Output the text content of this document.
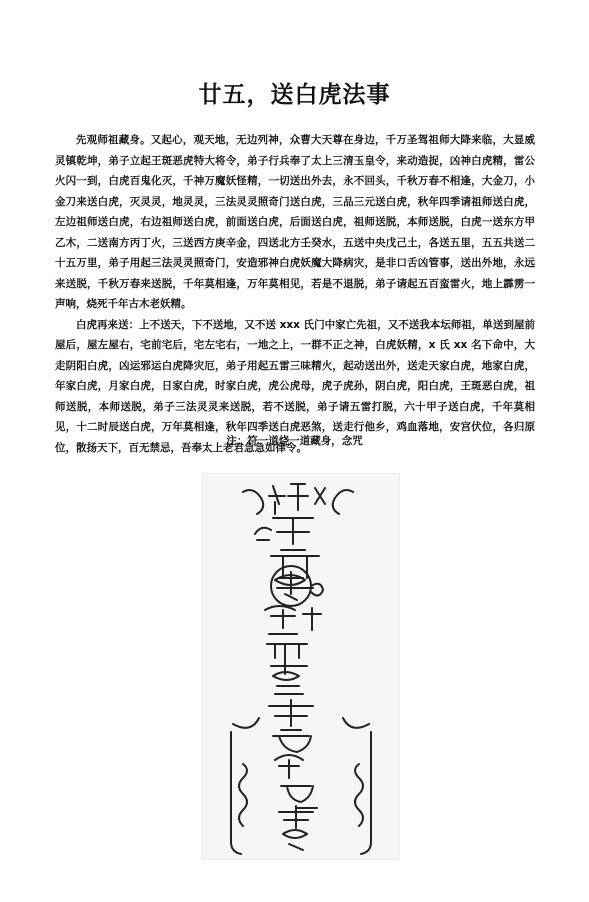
廿五，送白虎法事

先观师祖藏身。又起心，观天地，无边列神，众曹大天尊在身边，千万圣驾祖师大降来临，大显威灵镇乾坤，弟子立起王斑恶虎特大将令，弟子行兵奉了太上三清玉皇令，来动造捉，凶神白虎精，雷公火闪一到，白虎百鬼化灭，千神万魔妖怪精，一切送出外去，永不回头，千秋万春不相逢，大金刀，小金刀来送白虎，灭灵灵，地灵灵，三法灵灵照奇门送白虎，三品三元送白虎，秋年四季请祖师送白虎，左边祖师送白虎，右边祖师送白虎，前面送白虎，后面送白虎，祖师送脱，本师送脱，白虎一送东方甲乙木，二送南方丙丁火，三送西方庚辛金，四送北方壬癸水，五送中央戊己土，各送五里，五五共送二十五万里，弟子用起三法灵灵照奇门，安造邪神白虎妖魔大降病灾，是非口舌凶管事，送出外地，永远来送脱，千秋万春来送脱，千年莫相逢，万年莫相见，若是不退脱，弟子请起五百蛮雷火，地上霹雳一声响，烧死千年古木老妖精。

白虎再来送：上不送天，下不送地，又不送 xxx 氏门中家亡先祖，又不送我本坛师祖，单送到屋前屋后，屋左屋右，宅前宅后，宅左宅右，一地之上，一群不正之神，白虎妖精，x 氏 xx 名下命中，大走阴阳白虎，凶运邪运白虎降灾厄，弟子用起五雷三味精火，起动送出外，送走天家白虎，地家白虎，年家白虎，月家白虎，日家白虎，时家白虎，虎公虎母，虎子虎孙，阴白虎，阳白虎，王斑恶白虎，祖师送脱，本师送脱，弟子三法灵灵来送脱，若不送脱，弟子请五雷打脱，六十甲子送白虎，千年莫相见，十二时辰送白虎，万年莫相逢，秋年四季送白虎恶煞，送走行他乡，鸡血落地，安宫伏位，各归原位，散扬天下，百无禁忌，吾奉太上老君急急如律令。

注：符一道烧一道藏身，念咒
